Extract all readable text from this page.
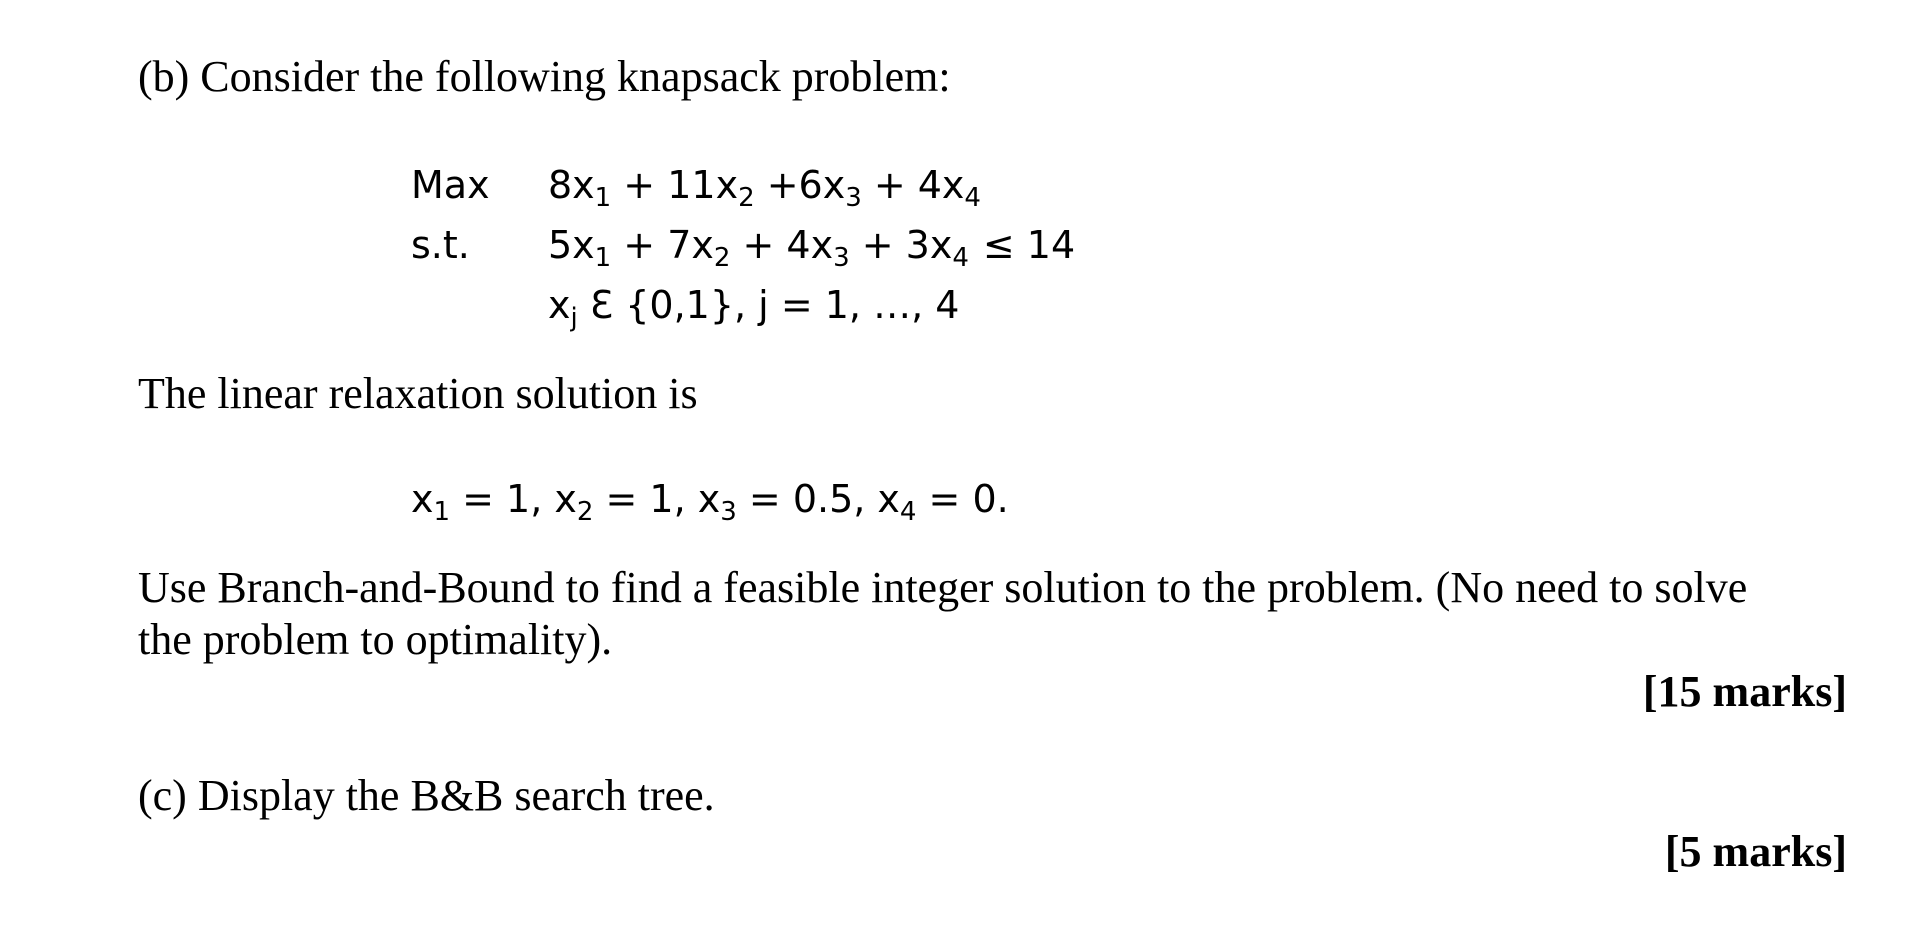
(b) Consider the following knapsack problem:
Max
s.t.
$8x_1 + 11x_2 +6x_3 + 4x_4$
$5x_1 + 7x_2 + 4x_3 + 3x_4 \le 14$
$x_j$ Ɛ {0,1}, j = 1, …, 4
The linear relaxation solution is
$x_1 = 1$, $x_2 = 1$, $x_3 = 0.5$, $x_4 = 0$.
Use Branch-and-Bound to find a feasible integer solution to the problem. (No need to solve
the problem to optimality).
[15 marks]
(c) Display the B&B search tree.
[5 marks]
